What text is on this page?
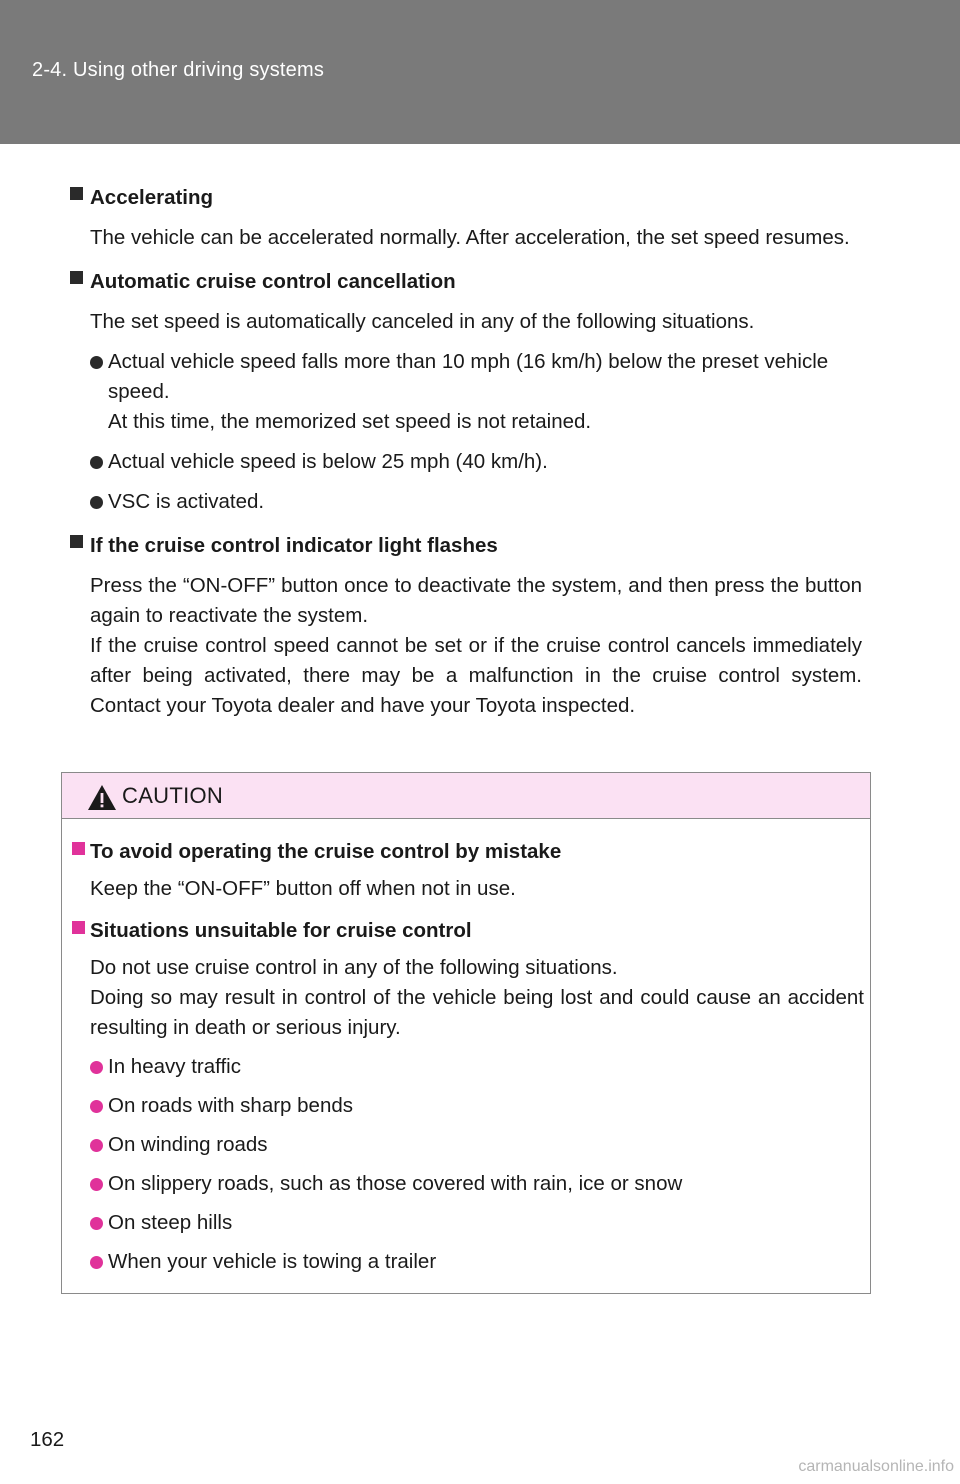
2-4. Using other driving systems
Accelerating

The vehicle can be accelerated normally. After acceleration, the set speed resumes.

Automatic cruise control cancellation

The set speed is automatically canceled in any of the following situations.

Actual vehicle speed falls more than 10 mph (16 km/h) below the preset vehicle speed.
At this time, the memorized set speed is not retained.
Actual vehicle speed is below 25 mph (40 km/h).
VSC is activated.
If the cruise control indicator light flashes

Press the “ON-OFF” button once to deactivate the system, and then press the button again to reactivate the system.

If the cruise control speed cannot be set or if the cruise control cancels immediately after being activated, there may be a malfunction in the cruise control system. Contact your Toyota dealer and have your Toyota inspected.

CAUTION
To avoid operating the cruise control by mistake

Keep the “ON-OFF” button off when not in use.

Situations unsuitable for cruise control

Do not use cruise control in any of the following situations.

Doing so may result in control of the vehicle being lost and could cause an accident resulting in death or serious injury.

In heavy traffic
On roads with sharp bends
On winding roads
On slippery roads, such as those covered with rain, ice or snow
On steep hills
When your vehicle is towing a trailer
162
carmanualsonline.info
